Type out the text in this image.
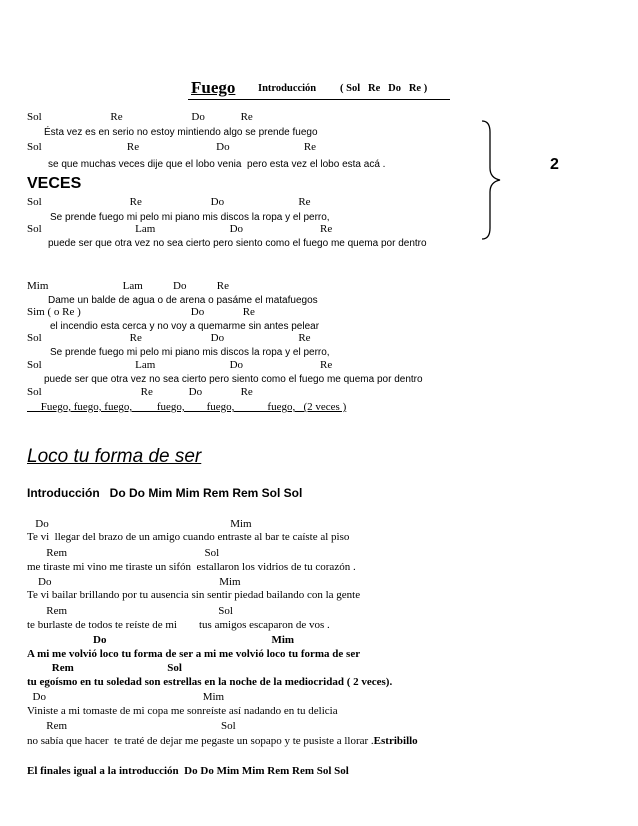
Fuego Introducción ( Sol   Re   Do   Re )
Sol                         Re                         Do             Re
Ésta vez es en serio no estoy mintiendo algo se prende fuego
Sol                               Re                            Do                           Re
se que muchas veces dije que el lobo venia  pero esta vez el lobo esta acá .
VECES
Sol                                Re                         Do                           Re
Se prende fuego mi pelo mi piano mis discos la ropa y el perro,
Sol                                  Lam                           Do                            Re
puede ser que otra vez no sea cierto pero siento como el fuego me quema por dentro
2
Mim                           Lam           Do           Re
Dame un balde de agua o de arena o pasáme el matafuegos
Sim ( o Re )                                        Do              Re
el incendio esta cerca y no voy a quemarme sin antes pelear
Sol                                Re                         Do                           Re
Se prende fuego mi pelo mi piano mis discos la ropa y el perro,
Sol                                  Lam                           Do                            Re
puede ser que otra vez no sea cierto pero siento como el fuego me quema por dentro
Sol                                    Re             Do              Re
Fuego, fuego, fuego,         fuego,        fuego,            fuego,   (2 veces )
Loco tu forma de ser
Introducción   Do Do Mim Mim Rem Rem Sol Sol
Do                                                                  Mim
Te vi  llegar del brazo de un amigo cuando entraste al bar te caíste al piso
Rem                                                  Sol
me tiraste mi vino me tiraste un sifón  estallaron los vidrios de tu corazón .
Do                                                             Mim
Te vi bailar brillando por tu ausencia sin sentir piedad bailando con la gente
Rem                                                       Sol
te burlaste de todos te reíste de mi        tus amigos escaparon de vos .
Do                                                            Mim
A mi me volvió loco tu forma de ser a mi me volvió loco tu forma de ser
Rem                                  Sol
tu egoísmo en tu soledad son estrellas en la noche de la mediocridad ( 2 veces).
Do                                                         Mim
Viniste a mi tomaste de mi copa me sonreíste así nadando en tu delicia
Rem                                                        Sol
no sabía que hacer  te traté de dejar me pegaste un sopapo y te pusiste a llorar .Estribillo
El finales igual a la introducción  Do Do Mim Mim Rem Rem Sol Sol
